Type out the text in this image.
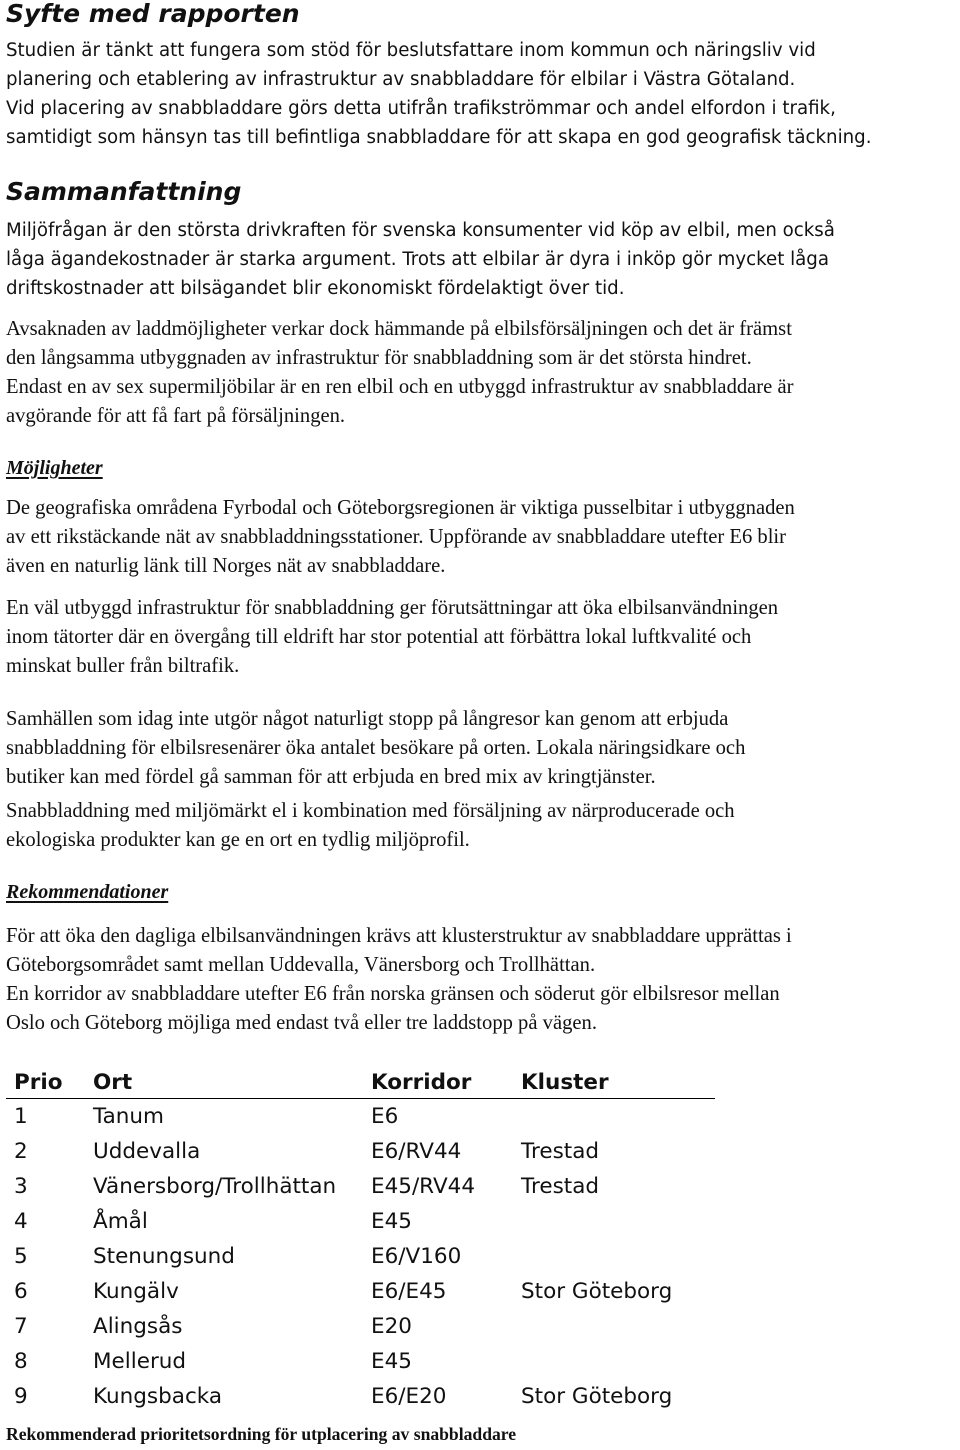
Syfte med rapporten
Studien är tänkt att fungera som stöd för beslutsfattare inom kommun och näringsliv vid
planering och etablering av infrastruktur av snabbladdare för elbilar i Västra Götaland.
Vid placering av snabbladdare görs detta utifrån trafikströmmar och andel elfordon i trafik,
samtidigt som hänsyn tas till befintliga snabbladdare för att skapa en god geografisk täckning.
Sammanfattning
Miljöfrågan är den största drivkraften för svenska konsumenter vid köp av elbil, men också
låga ägandekostnader är starka argument. Trots att elbilar är dyra i inköp gör mycket låga
driftskostnader att bilsägandet blir ekonomiskt fördelaktigt över tid.
Avsaknaden av laddmöjligheter verkar dock hämmande på elbilsförsäljningen och det är främst
den långsamma utbyggnaden av infrastruktur för snabbladdning som är det största hindret.
Endast en av sex supermiljöbilar är en ren elbil och en utbyggd infrastruktur av snabbladdare är
avgörande för att få fart på försäljningen.
Möjligheter
De geografiska områdena Fyrbodal och Göteborgsregionen är viktiga pusselbitar i utbyggnaden
av ett rikstäckande nät av snabbladdningsstationer. Uppförande av snabbladdare utefter E6 blir
även en naturlig länk till Norges nät av snabbladdare.
En väl utbyggd infrastruktur för snabbladdning ger förutsättningar att öka elbilsanvändningen
inom tätorter där en övergång till eldrift har stor potential att förbättra lokal luftkvalité och
minskat buller från biltrafik.
Samhällen som idag inte utgör något naturligt stopp på långresor kan genom att erbjuda
snabbladdning för elbilsresenärer öka antalet besökare på orten. Lokala näringsidkare och
butiker kan med fördel gå samman för att erbjuda en bred mix av kringtjänster.
Snabbladdning med miljömärkt el i kombination med försäljning av närproducerade och
ekologiska produkter kan ge en ort en tydlig miljöprofil.
Rekommendationer
För att öka den dagliga elbilsanvändningen krävs att klusterstruktur av snabbladdare upprättas i
Göteborgsområdet samt mellan Uddevalla, Vänersborg och Trollhättan.
En korridor av snabbladdare utefter E6 från norska gränsen och söderut gör elbilsresor mellan
Oslo och Göteborg möjliga med endast två eller tre laddstopp på vägen.
Prio	Ort	Korridor	Kluster
1	Tanum	E6	
2	Uddevalla	E6/RV44	Trestad
3	Vänersborg/Trollhättan	E45/RV44	Trestad
4	Åmål	E45	
5	Stenungsund	E6/V160	
6	Kungälv	E6/E45	Stor Göteborg
7	Alingsås	E20	
8	Mellerud	E45	
9	Kungsbacka	E6/E20	Stor Göteborg

Rekommenderad prioritetsordning för utplacering av snabbladdare
